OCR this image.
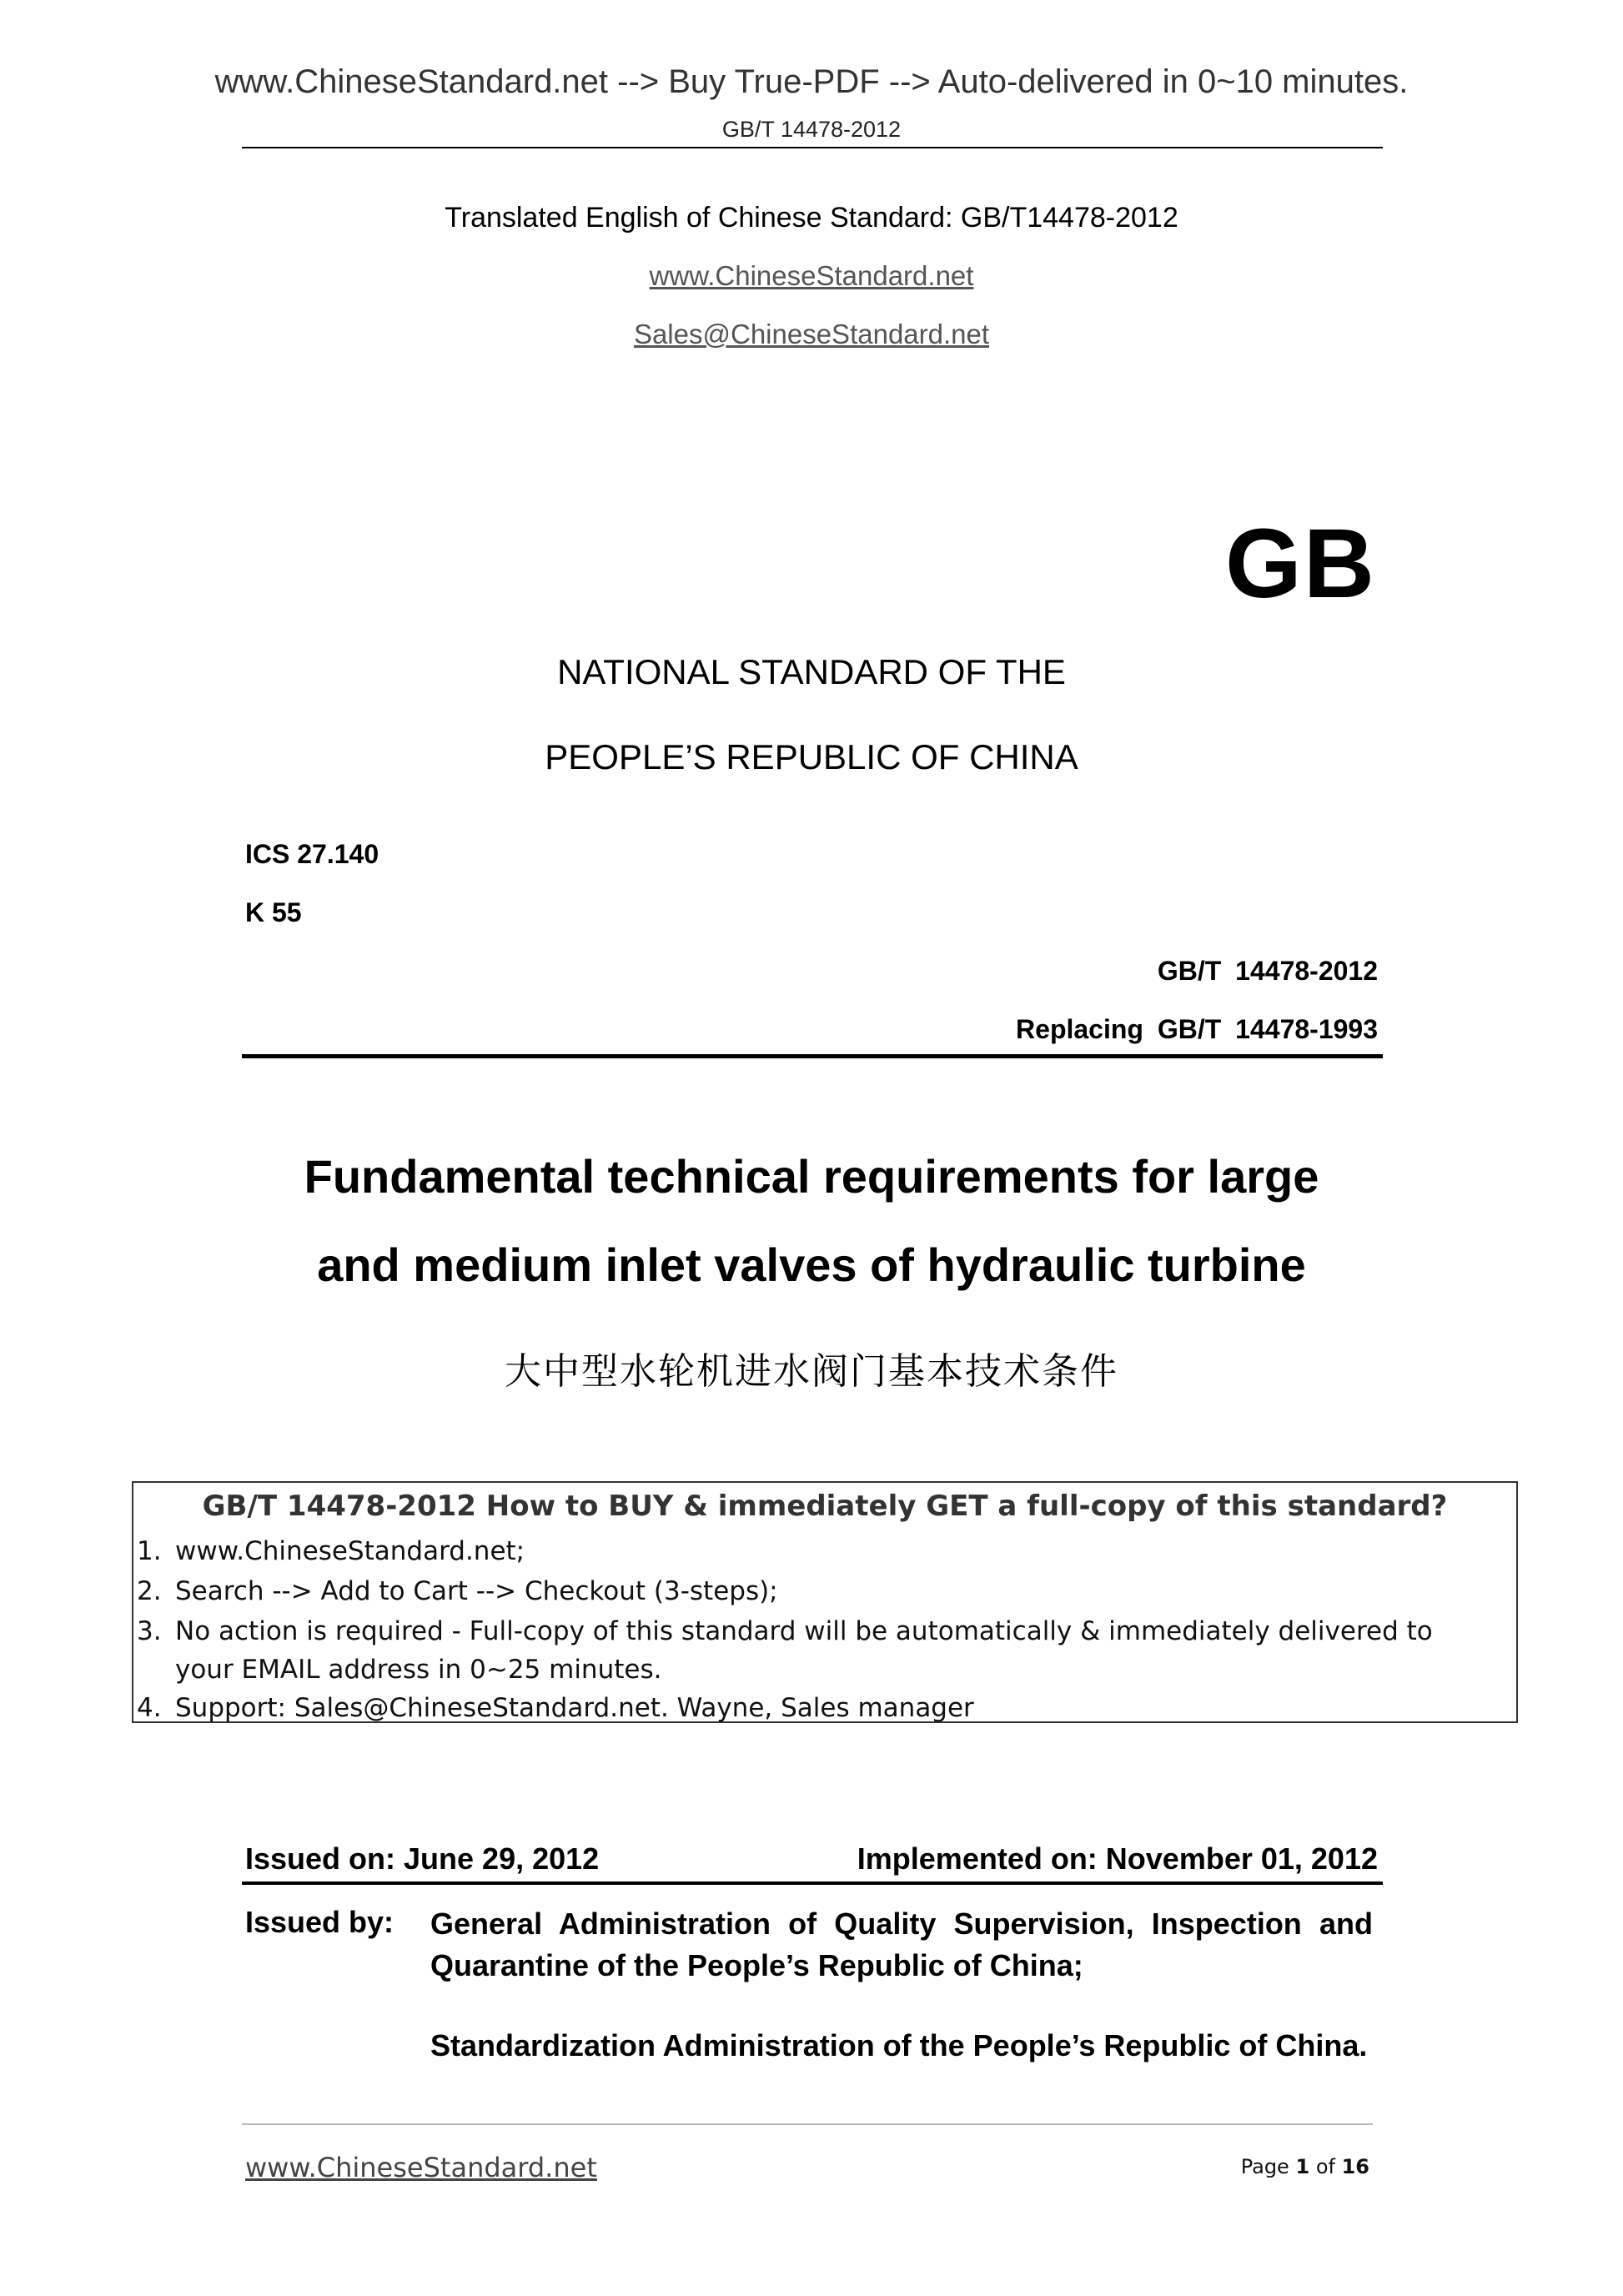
www.ChineseStandard.net --> Buy True-PDF --> Auto-delivered in 0~10 minutes.
GB/T 14478-2012
Translated English of Chinese Standard: GB/T14478-2012
www.ChineseStandard.net
Sales@ChineseStandard.net
GB
NATIONAL STANDARD OF THE
PEOPLE’S REPUBLIC OF CHINA
ICS 27.140
K 55
GB/T 14478-2012
Replacing GB/T 14478-1993
Fundamental technical requirements for large
and medium inlet valves of hydraulic turbine
大中型水轮机进水阀门基本技术条件
GB/T 14478-2012 How to BUY & immediately GET a full-copy of this standard?
1. www.ChineseStandard.net;
2. Search --> Add to Cart --> Checkout (3-steps);
3. No action is required - Full-copy of this standard will be automatically & immediately delivered to
your EMAIL address in 0~25 minutes.
4. Support: Sales@ChineseStandard.net. Wayne, Sales manager
Issued on: June 29, 2012	Implemented on: November 01, 2012
Issued by: General Administration of Quality Supervision, Inspection and Quarantine of the People’s Republic of China;
Standardization Administration of the People’s Republic of China.
www.ChineseStandard.net	Page 1 of 16
